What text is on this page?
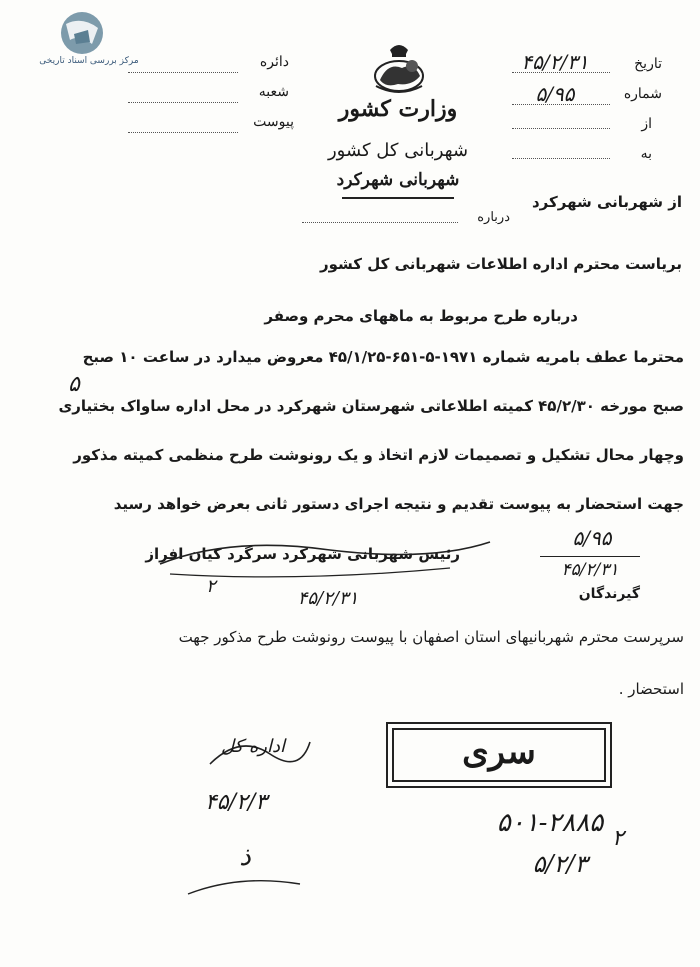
مرکز بررسی اسناد تاریخی
وزارت کشور
شهربانی کل کشور
شهربانی شهرکرد
دائره
شعبه
پیوست
تاریخ
۴۵/۲/۳۱
شماره
۵/۹۵
از
به
درباره
از شهربانی شهرکرد
بریاست محترم اداره اطلاعات شهربانی کل کشور
درباره طرح مربوط به ماههای محرم وصفر
محترما عطف بامریه شماره ۱۹۷۱-۵-۶۵۱-۴۵/۱/۲۵ معروض میدارد در ساعت ۱۰ صبح
۵
صبح مورخه ۴۵/۲/۳۰ کمیته اطلاعاتی شهرستان شهرکرد در محل اداره ساواک بختیاری
وچهار محال تشکیل و تصمیمات لازم اتخاذ و یک رونوشت طرح منظمی کمیته مذکور
جهت استحضار به پیوست تقدیم و نتیجه اجرای دستور ثانی بعرض خواهد رسید
رئیس شهربانی شهرکرد سرگرد کیان افراز
۲
۴۵/۲/۳۱
۵/۹۵
۴۵/۲/۳۱
گیرندگان
سرپرست محترم شهربانیهای استان اصفهان با پیوست رونوشت طرح مذکور جهت
استحضار .
سری
۵۰۱-۲۸۸۵
۵/۲/۳
۲
اداره کل
۴۵/۲/۳
ذ
